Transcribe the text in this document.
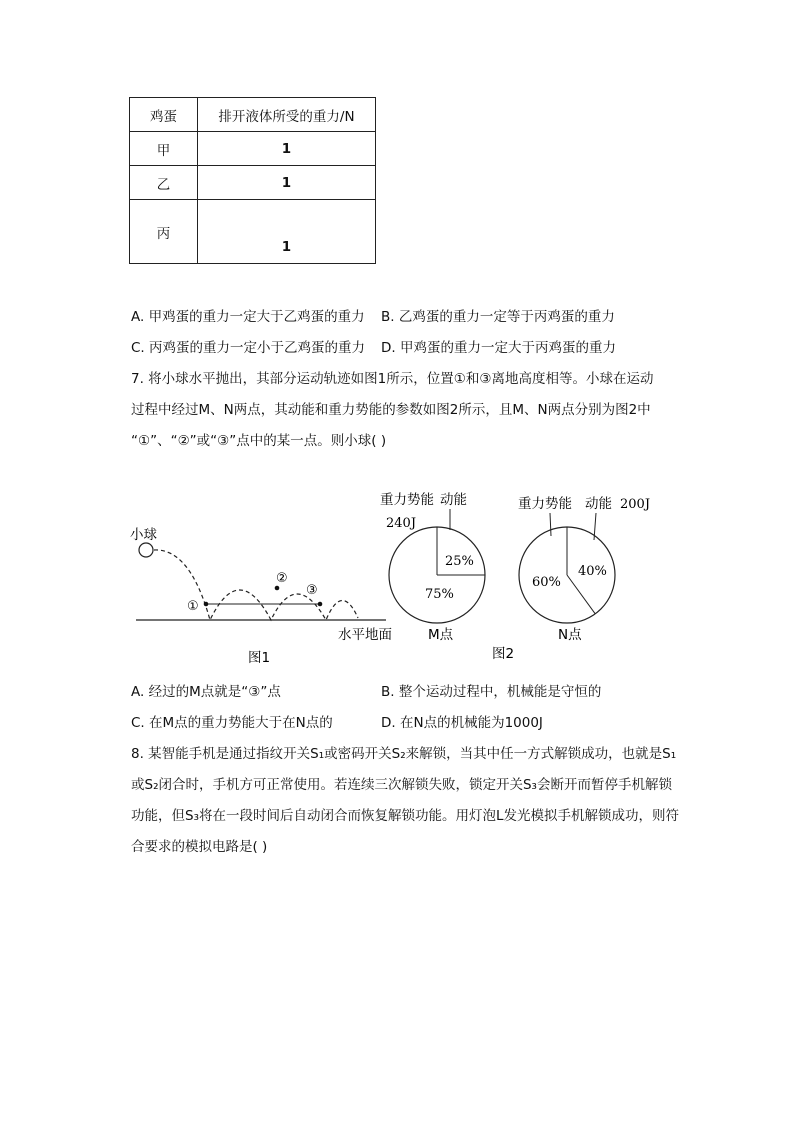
鸡蛋	排开液体所受的重力/N
甲	1
乙	1
丙	1
A. 甲鸡蛋的重力一定大于乙鸡蛋的重力 B. 乙鸡蛋的重力一定等于丙鸡蛋的重力
C. 丙鸡蛋的重力一定小于乙鸡蛋的重力 D. 甲鸡蛋的重力一定大于丙鸡蛋的重力
7. 将小球水平抛出，其部分运动轨迹如图1所示，位置①和③离地高度相等。小球在运动
过程中经过M、N两点，其动能和重力势能的参数如图2所示，且M、N两点分别为图2中
“①”、“②”或“③”点中的某一点。则小球( )
小球
①
②
③
水平地面
图1
重力势能 动能
240J
25%
75%
M点
重力势能 动能 200J
40%
60%
N点
图2
A. 经过的M点就是“③”点	B. 整个运动过程中，机械能是守恒的
C. 在M点的重力势能大于在N点的	D. 在N点的机械能为1000J
8. 某智能手机是通过指纹开关S₁或密码开关S₂来解锁，当其中任一方式解锁成功，也就是S₁
或S₂闭合时，手机方可正常使用。若连续三次解锁失败，锁定开关S₃会断开而暂停手机解锁
功能，但S₃将在一段时间后自动闭合而恢复解锁功能。用灯泡L发光模拟手机解锁成功，则符
合要求的模拟电路是( )
